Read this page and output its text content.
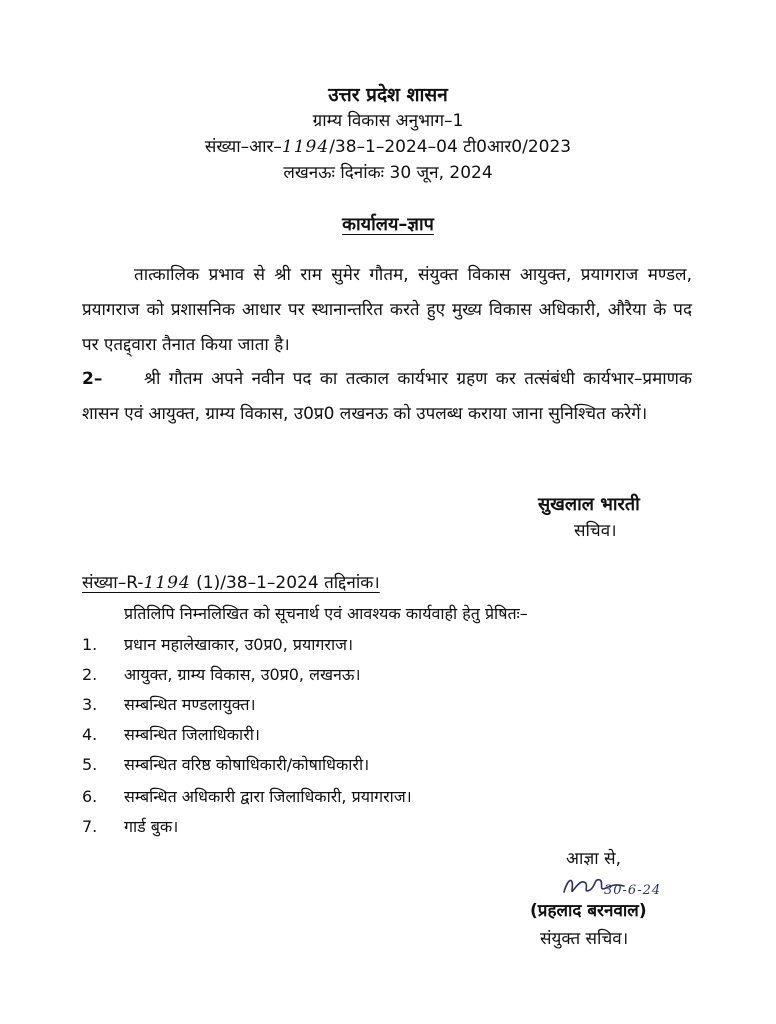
उत्तर प्रदेश शासन
ग्राम्य विकास अनुभाग–1
संख्या–आर–1194/38–1–2024–04 टी0आर0/2023
लखनऊः दिनांकः 30 जून, 2024
कार्यालय–ज्ञाप
तात्कालिक प्रभाव से श्री राम सुमेर गौतम, संयुक्त विकास आयुक्त, प्रयागराज मण्डल, प्रयागराज को प्रशासनिक आधार पर स्थानान्तरित करते हुए मुख्य विकास अधिकारी, औरैया के पद पर एतद्द्वारा तैनात किया जाता है।
2– श्री गौतम अपने नवीन पद का तत्काल कार्यभार ग्रहण कर तत्संबंधी कार्यभार–प्रमाणक शासन एवं आयुक्त, ग्राम्य विकास, उ0प्र0 लखनऊ को उपलब्ध कराया जाना सुनिश्चित करेगें।
सुखलाल भारती
सचिव।
संख्या–R-1194 (1)/38–1–2024 तद्दिनांक।
प्रतिलिपि निम्नलिखित को सूचनार्थ एवं आवश्यक कार्यवाही हेतु प्रेषितः–
1. प्रधान महालेखाकार, उ0प्र0, प्रयागराज।
2. आयुक्त, ग्राम्य विकास, उ0प्र0, लखनऊ।
3. सम्बन्धित मण्डलायुक्त।
4. सम्बन्धित जिलाधिकारी।
5. सम्बन्धित वरिष्ठ कोषाधिकारी/कोषाधिकारी।
6. सम्बन्धित अधिकारी द्वारा जिलाधिकारी, प्रयागराज।
7. गार्ड बुक।
आज्ञा से,
30-6-24
(प्रहलाद बरनवाल)
संयुक्त सचिव।
